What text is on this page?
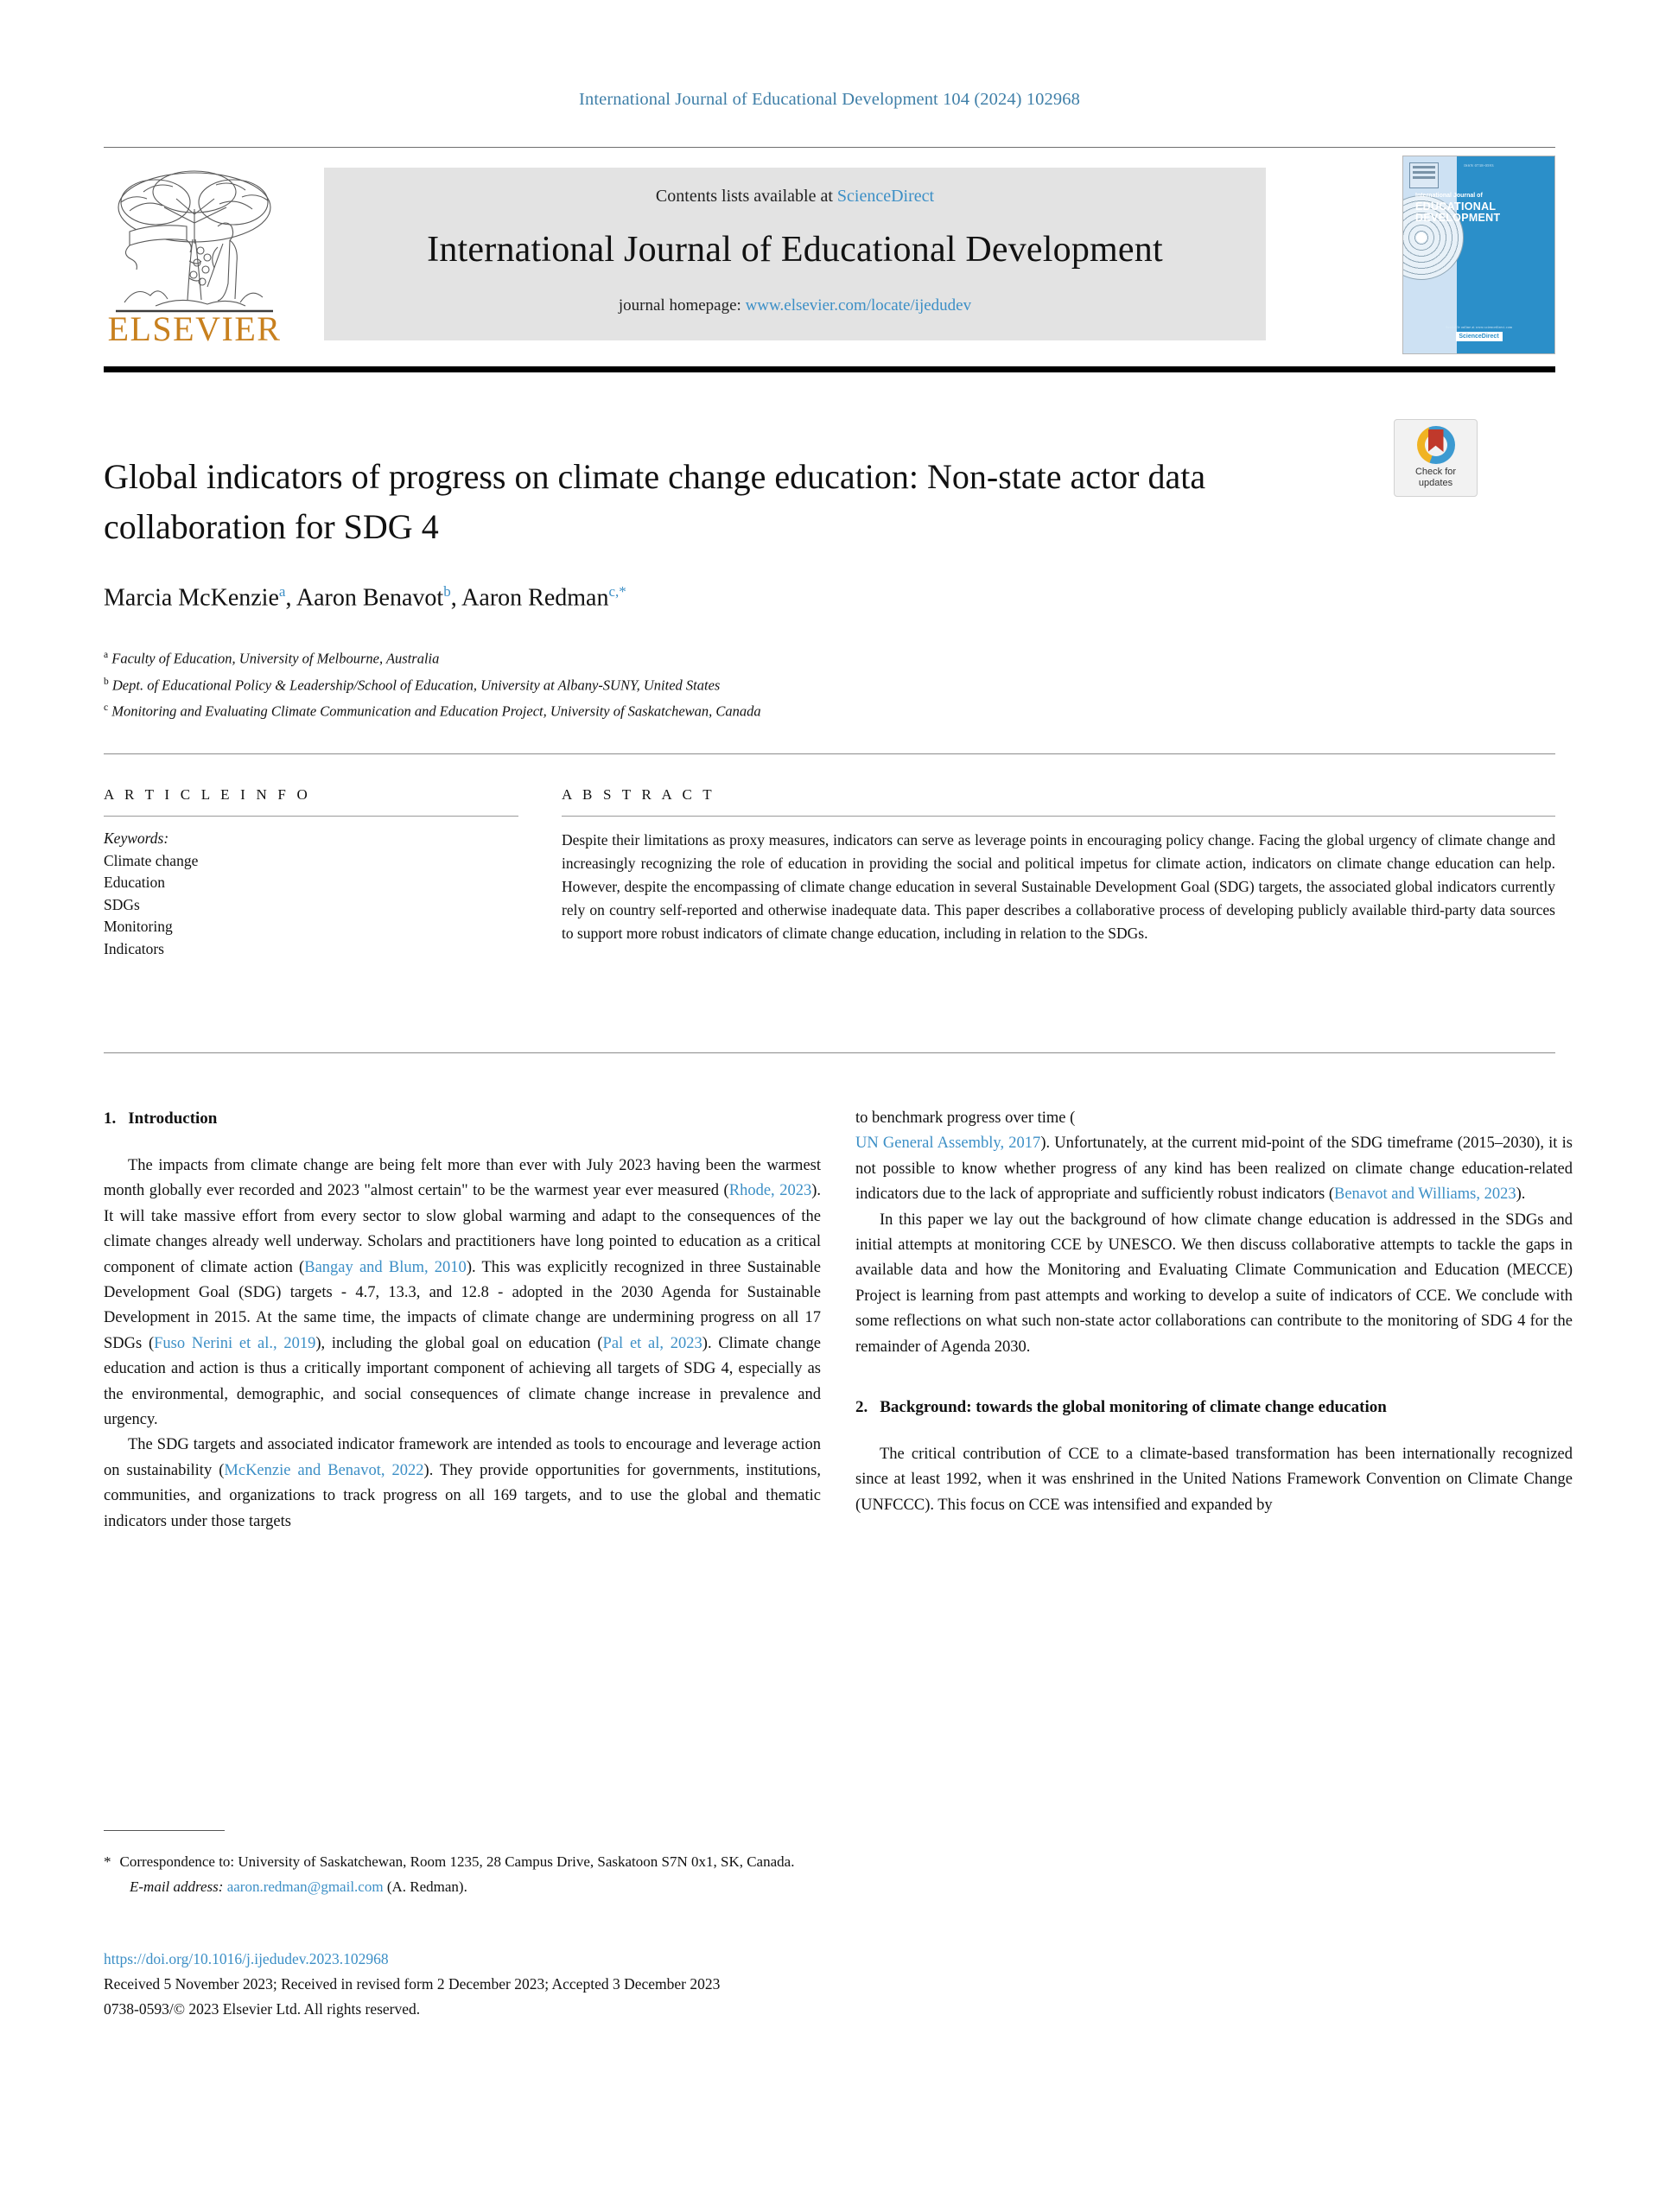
International Journal of Educational Development 104 (2024) 102968
ELSEVIER
Contents lists available at ScienceDirect
International Journal of Educational Development
journal homepage: www.elsevier.com/locate/ijedudev
ISSN 0738-0593
International Journal of
EDUCATIONAL
DEVELOPMENT
Available online at www.sciencedirect.com
ScienceDirect
Check for
updates
Global indicators of progress on climate change education: Non-state actor data collaboration for SDG 4
Marcia McKenzie$^a$, Aaron Benavot$^b$, Aaron Redman$^{c,*}$
$^a$ Faculty of Education, University of Melbourne, Australia
$^b$ Dept. of Educational Policy & Leadership/School of Education, University at Albany-SUNY, United States
$^c$ Monitoring and Evaluating Climate Communication and Education Project, University of Saskatchewan, Canada
A R T I C L E I N F O
Keywords:
Climate change
Education
SDGs
Monitoring
Indicators
A B S T R A C T
Despite their limitations as proxy measures, indicators can serve as leverage points in encouraging policy change. Facing the global urgency of climate change and increasingly recognizing the role of education in providing the social and political impetus for climate action, indicators on climate change education can help. However, despite the encompassing of climate change education in several Sustainable Development Goal (SDG) targets, the associated global indicators currently rely on country self-reported and otherwise inadequate data. This paper describes a collaborative process of developing publicly available third-party data sources to support more robust indicators of climate change education, including in relation to the SDGs.
1. Introduction

The impacts from climate change are being felt more than ever with July 2023 having been the warmest month globally ever recorded and 2023 "almost certain" to be the warmest year ever measured (Rhode, 2023). It will take massive effort from every sector to slow global warming and adapt to the consequences of the climate changes already well underway. Scholars and practitioners have long pointed to education as a critical component of climate action (Bangay and Blum, 2010). This was explicitly recognized in three Sustainable Development Goal (SDG) targets - 4.7, 13.3, and 12.8 - adopted in the 2030 Agenda for Sustainable Development in 2015. At the same time, the impacts of climate change are undermining progress on all 17 SDGs (Fuso Nerini et al., 2019), including the global goal on education (Pal et al, 2023). Climate change education and action is thus a critically important component of achieving all targets of SDG 4, especially as the environmental, demographic, and social consequences of climate change increase in prevalence and urgency.

The SDG targets and associated indicator framework are intended as tools to encourage and leverage action on sustainability (McKenzie and Benavot, 2022). They provide opportunities for governments, institutions, communities, and organizations to track progress on all 169 targets, and to use the global and thematic indicators under those targets

to benchmark progress over time (

UN General Assembly, 2017). Unfortunately, at the current mid-point of the SDG timeframe (2015–2030), it is not possible to know whether progress of any kind has been realized on climate change education-related indicators due to the lack of appropriate and sufficiently robust indicators (Benavot and Williams, 2023).

In this paper we lay out the background of how climate change education is addressed in the SDGs and initial attempts at monitoring CCE by UNESCO. We then discuss collaborative attempts to tackle the gaps in available data and how the Monitoring and Evaluating Climate Communication and Education (MECCE) Project is learning from past attempts and working to develop a suite of indicators of CCE. We conclude with some reflections on what such non-state actor collaborations can contribute to the monitoring of SDG 4 for the remainder of Agenda 2030.

2. Background: towards the global monitoring of climate change education

The critical contribution of CCE to a climate-based transformation has been internationally recognized since at least 1992, when it was enshrined in the United Nations Framework Convention on Climate Change (UNFCCC). This focus on CCE was intensified and expanded by

* Correspondence to: University of Saskatchewan, Room 1235, 28 Campus Drive, Saskatoon S7N 0x1, SK, Canada.
E-mail address: aaron.redman@gmail.com (A. Redman).
https://doi.org/10.1016/j.ijedudev.2023.102968
Received 5 November 2023; Received in revised form 2 December 2023; Accepted 3 December 2023
0738-0593/© 2023 Elsevier Ltd. All rights reserved.
